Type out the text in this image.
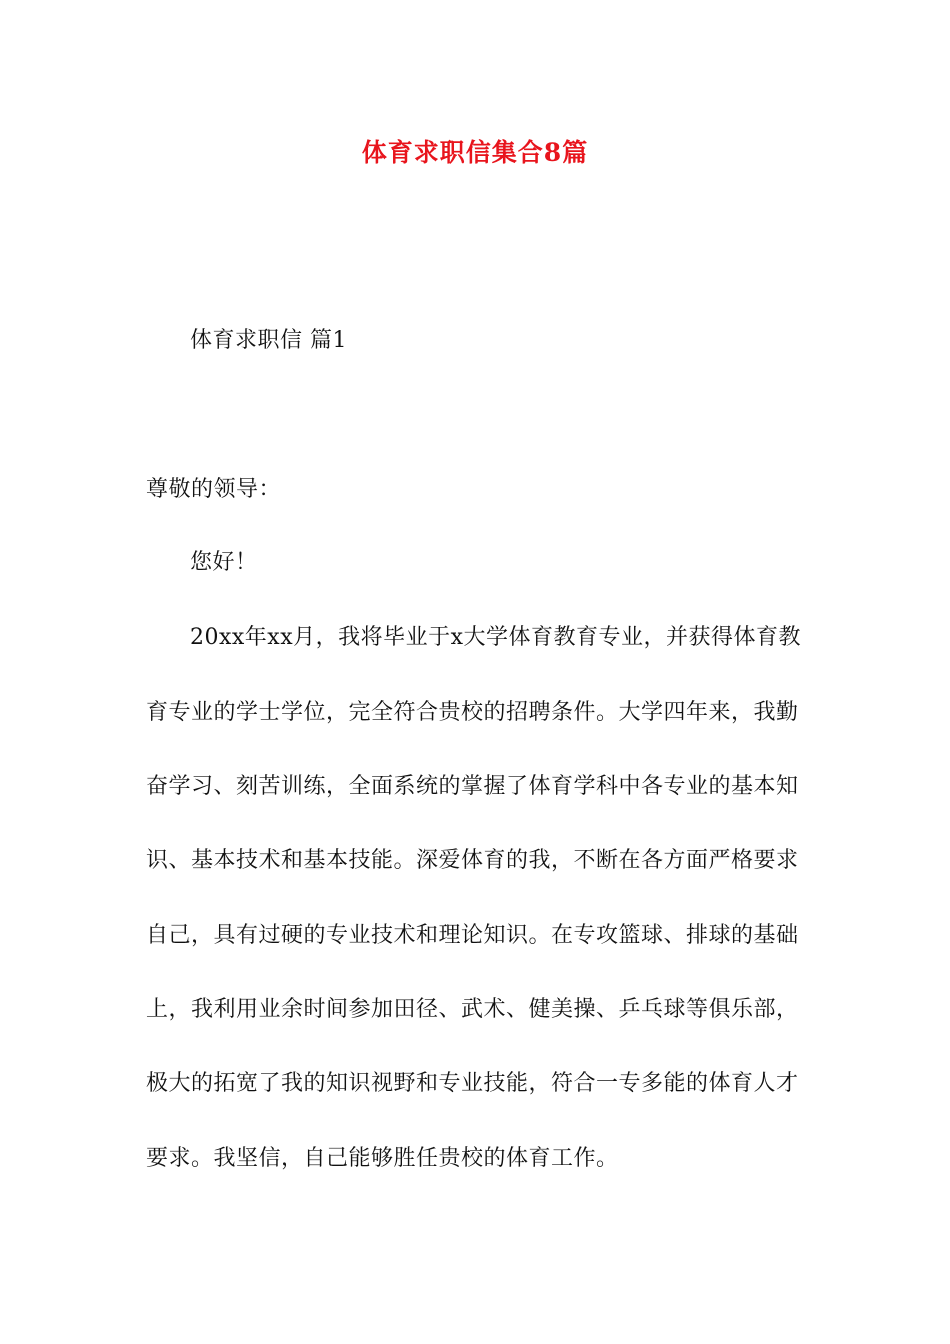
体育求职信集合8篇
体育求职信 篇1
尊敬的领导：
您好！
20xx年xx月，我将毕业于x大学体育教育专业，并获得体育教
育专业的学士学位，完全符合贵校的招聘条件。大学四年来，我勤
奋学习、刻苦训练，全面系统的掌握了体育学科中各专业的基本知
识、基本技术和基本技能。深爱体育的我，不断在各方面严格要求
自己，具有过硬的专业技术和理论知识。在专攻篮球、排球的基础
上，我利用业余时间参加田径、武术、健美操、乒乓球等俱乐部，
极大的拓宽了我的知识视野和专业技能，符合一专多能的体育人才
要求。我坚信，自己能够胜任贵校的体育工作。
